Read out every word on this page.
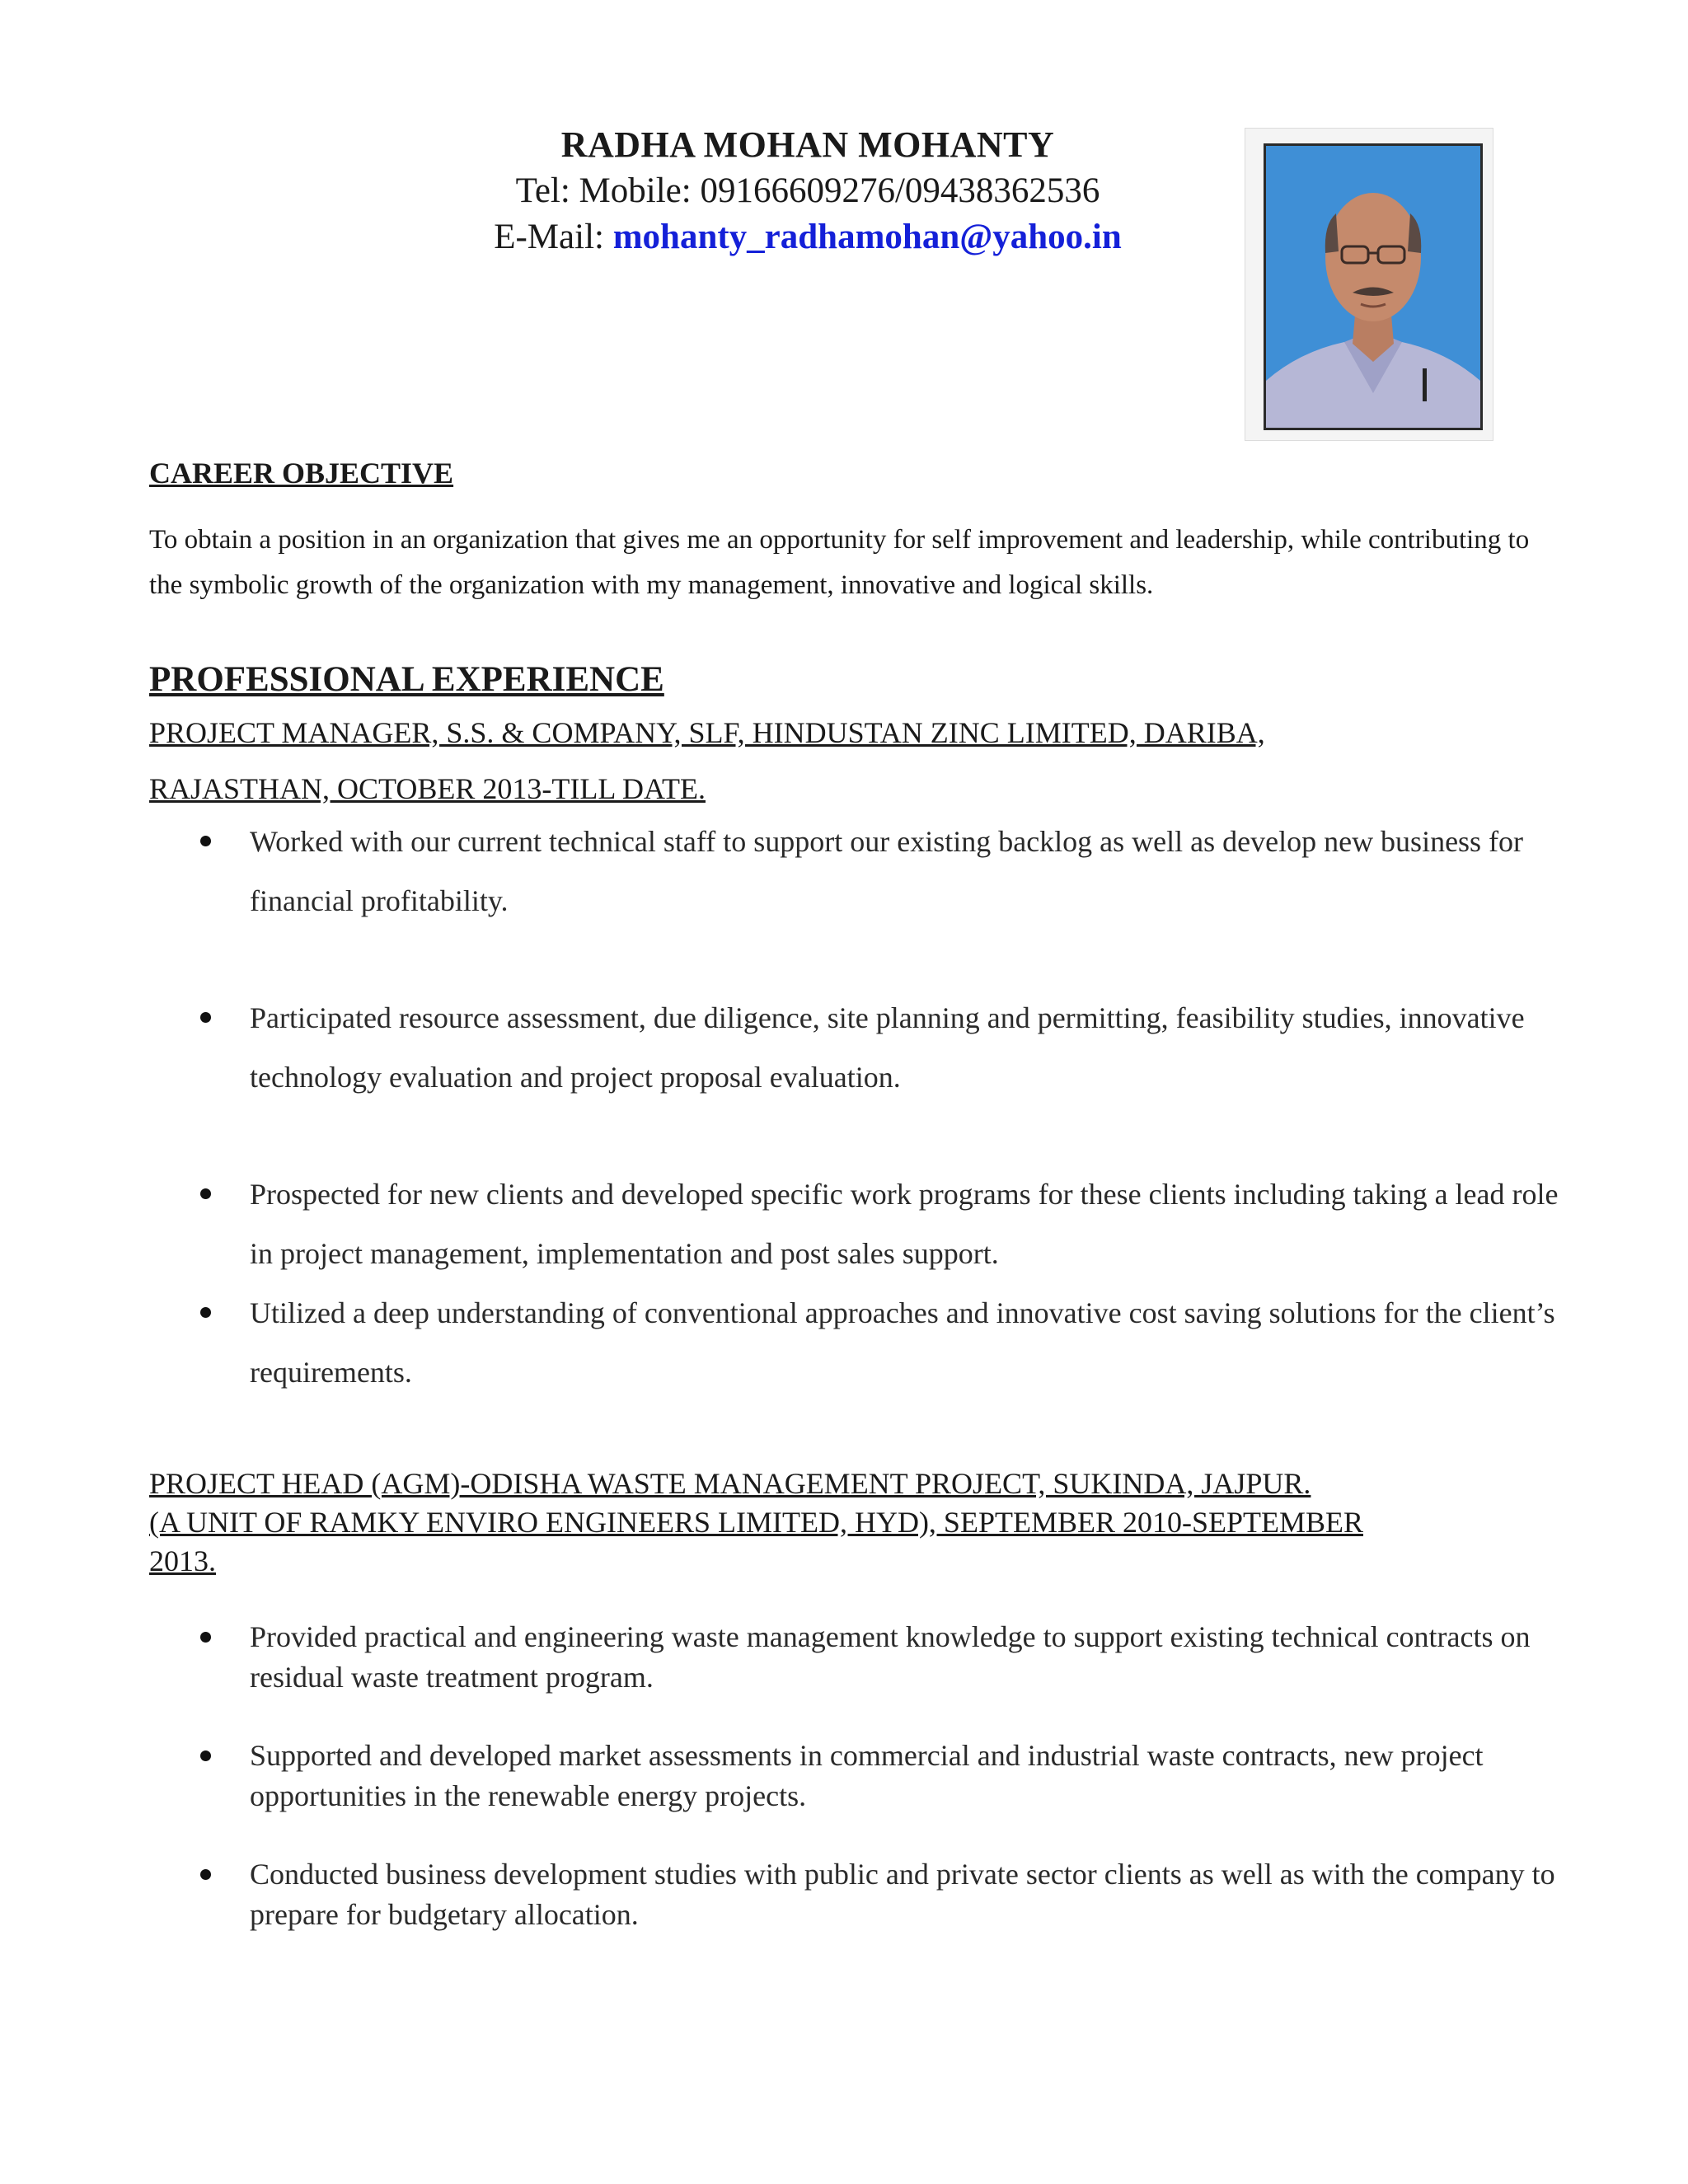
RADHA MOHAN MOHANTY
Tel: Mobile: 09166609276/09438362536
E-Mail: mohanty_radhamohan@yahoo.in
CAREER OBJECTIVE
To obtain a position in an organization that gives me an opportunity for self improvement and leadership, while contributing to the symbolic growth of the organization with my management, innovative and logical skills.
PROFESSIONAL EXPERIENCE
PROJECT MANAGER, S.S. & COMPANY, SLF, HINDUSTAN ZINC LIMITED, DARIBA,
RAJASTHAN, OCTOBER 2013-TILL DATE.
Worked with our current technical staff to support our existing backlog as well as develop new business for financial profitability.
Participated resource assessment, due diligence, site planning and permitting, feasibility studies, innovative technology evaluation and project proposal evaluation.
Prospected for new clients and developed specific work programs for these clients including taking a lead role in project management, implementation and post sales support.
Utilized a deep understanding of conventional approaches and innovative cost saving solutions for the client’s requirements.
PROJECT HEAD (AGM)-ODISHA WASTE MANAGEMENT PROJECT, SUKINDA, JAJPUR.
(A UNIT OF RAMKY ENVIRO ENGINEERS LIMITED, HYD), SEPTEMBER 2010-SEPTEMBER
2013.
Provided practical and engineering waste management knowledge to support existing technical contracts on residual waste treatment program.
Supported and developed market assessments in commercial and industrial waste contracts, new project opportunities in the renewable energy projects.
Conducted business development studies with public and private sector clients as well as with the company to prepare for budgetary allocation.
